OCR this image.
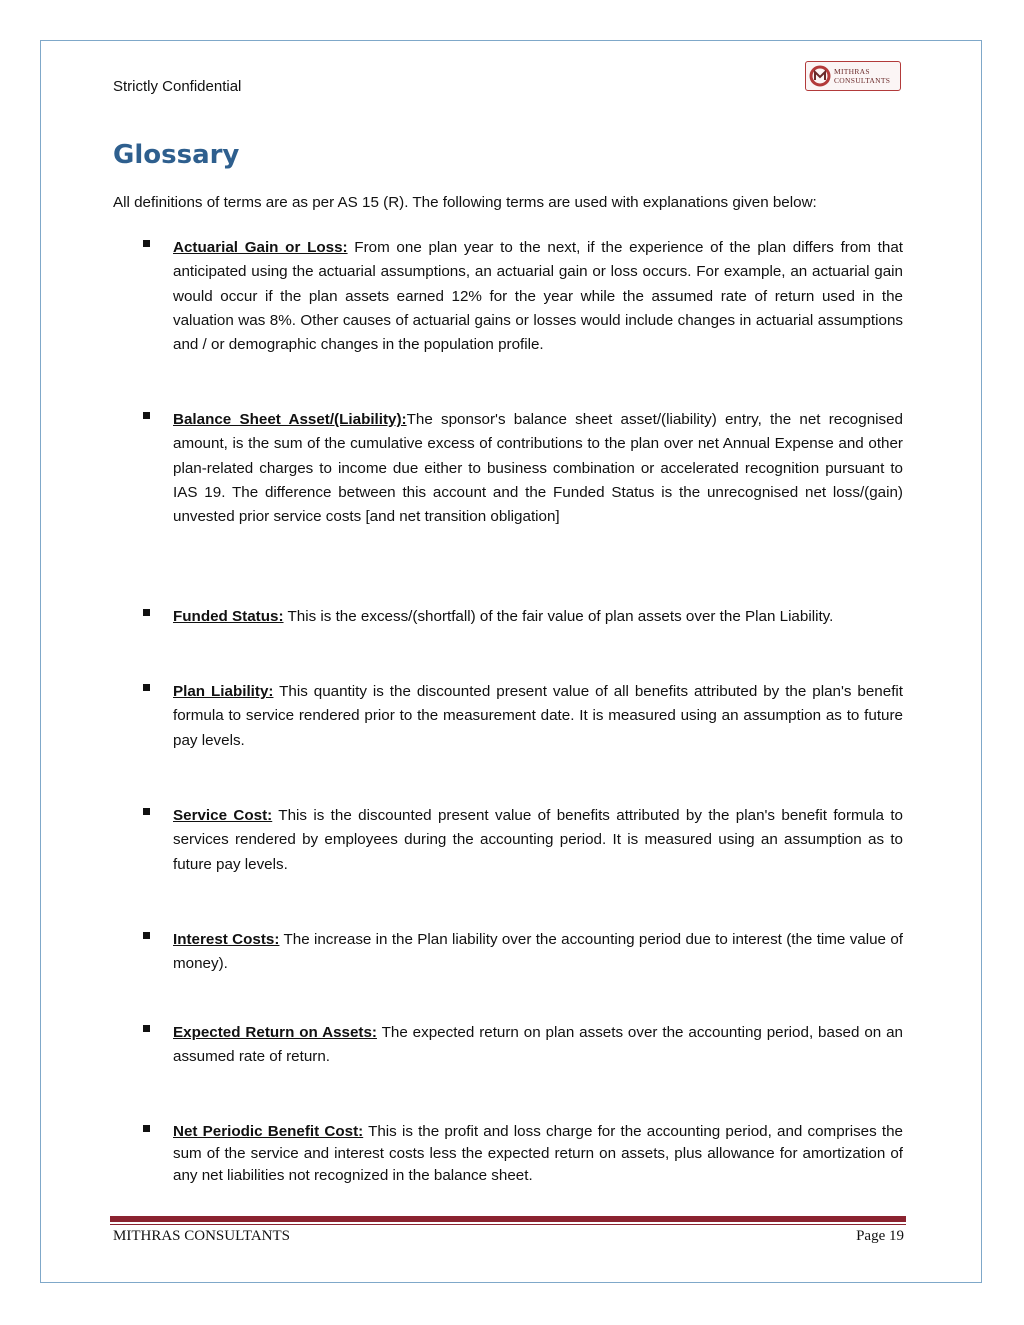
Strictly Confidential
MITHRAS
CONSULTANTS
Glossary

All definitions of terms are as per AS 15 (R). The following terms are used with explanations given below:

Actuarial Gain or Loss: From one plan year to the next, if the experience of the plan differs from that anticipated using the actuarial assumptions, an actuarial gain or loss occurs. For example, an actuarial gain would occur if the plan assets earned 12% for the year while the assumed rate of return used in the valuation was 8%. Other causes of actuarial gains or losses would include changes in actuarial assumptions and / or demographic changes in the population profile.

Balance Sheet Asset/(Liability):The sponsor's balance sheet asset/(liability) entry, the net recognised amount, is the sum of the cumulative excess of contributions to the plan over net Annual Expense and other plan-related charges to income due either to business combination or accelerated recognition pursuant to IAS 19. The difference between this account and the Funded Status is the unrecognised net loss/(gain) unvested prior service costs [and net transition obligation]

Funded Status: This is the excess/(shortfall) of the fair value of plan assets over the Plan Liability.

Plan Liability: This quantity is the discounted present value of all benefits attributed by the plan's benefit formula to service rendered prior to the measurement date. It is measured using an assumption as to future pay levels.

Service Cost: This is the discounted present value of benefits attributed by the plan's benefit formula to services rendered by employees during the accounting period. It is measured using an assumption as to future pay levels.

Interest Costs: The increase in the Plan liability over the accounting period due to interest (the time value of money).

Expected Return on Assets: The expected return on plan assets over the accounting period, based on an assumed rate of return.

Net Periodic Benefit Cost: This is the profit and loss charge for the accounting period, and comprises the sum of the service and interest costs less the expected return on assets, plus allowance for amortization of any net liabilities not recognized in the balance sheet.

MITHRAS CONSULTANTS	Page 19
